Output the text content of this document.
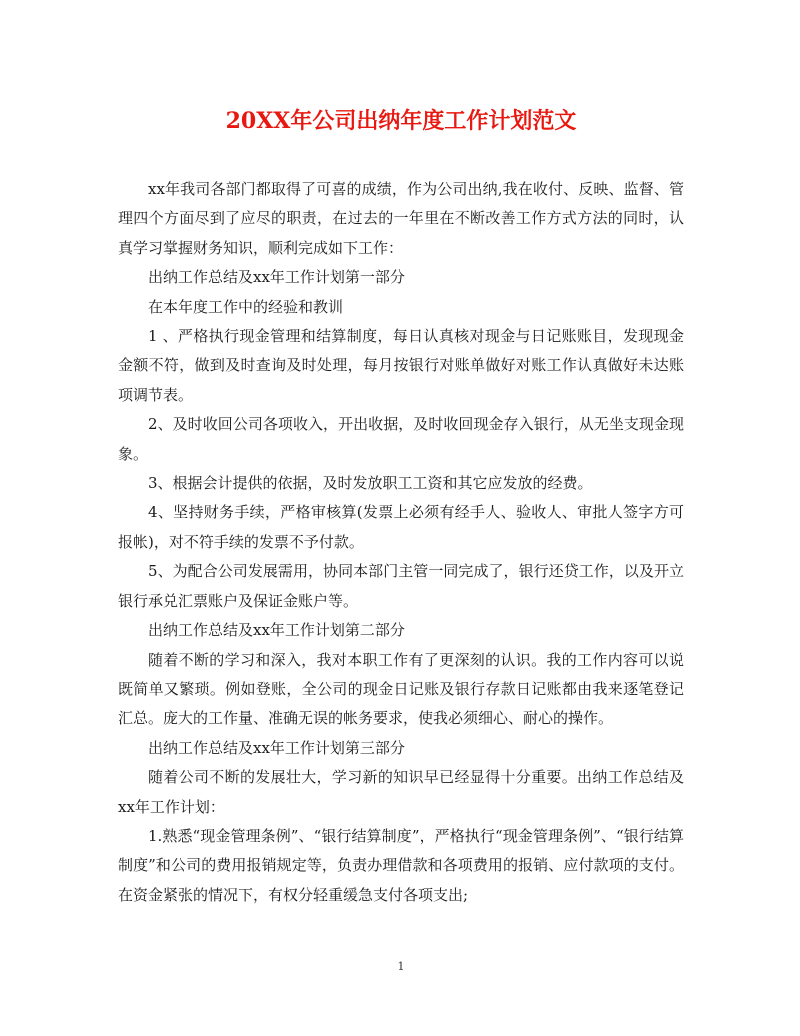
20XX年公司出纳年度工作计划范文

xx年我司各部门都取得了可喜的成绩，作为公司出纳,我在收付、反映、监督、管理四个方面尽到了应尽的职责，在过去的一年里在不断改善工作方式方法的同时，认真学习掌握财务知识，顺利完成如下工作：

出纳工作总结及xx年工作计划第一部分

在本年度工作中的经验和教训

1 、严格执行现金管理和结算制度，每日认真核对现金与日记账账目，发现现金金额不符，做到及时查询及时处理，每月按银行对账单做好对账工作认真做好未达账项调节表。

2、及时收回公司各项收入，开出收据，及时收回现金存入银行，从无坐支现金现象。

3、根据会计提供的依据，及时发放职工工资和其它应发放的经费。

4、坚持财务手续，严格审核算(发票上必须有经手人、验收人、审批人签字方可报帐)，对不符手续的发票不予付款。

5、为配合公司发展需用，协同本部门主管一同完成了，银行还贷工作，以及开立银行承兑汇票账户及保证金账户等。

出纳工作总结及xx年工作计划第二部分

随着不断的学习和深入，我对本职工作有了更深刻的认识。我的工作内容可以说既简单又繁琐。例如登账，全公司的现金日记账及银行存款日记账都由我来逐笔登记汇总。庞大的工作量、准确无误的帐务要求，使我必须细心、耐心的操作。

出纳工作总结及xx年工作计划第三部分

随着公司不断的发展壮大，学习新的知识早已经显得十分重要。出纳工作总结及xx年工作计划：

1.熟悉“现金管理条例”、“银行结算制度”，严格执行“现金管理条例”、“银行结算制度”和公司的费用报销规定等，负责办理借款和各项费用的报销、应付款项的支付。在资金紧张的情况下，有权分轻重缓急支付各项支出;

1
